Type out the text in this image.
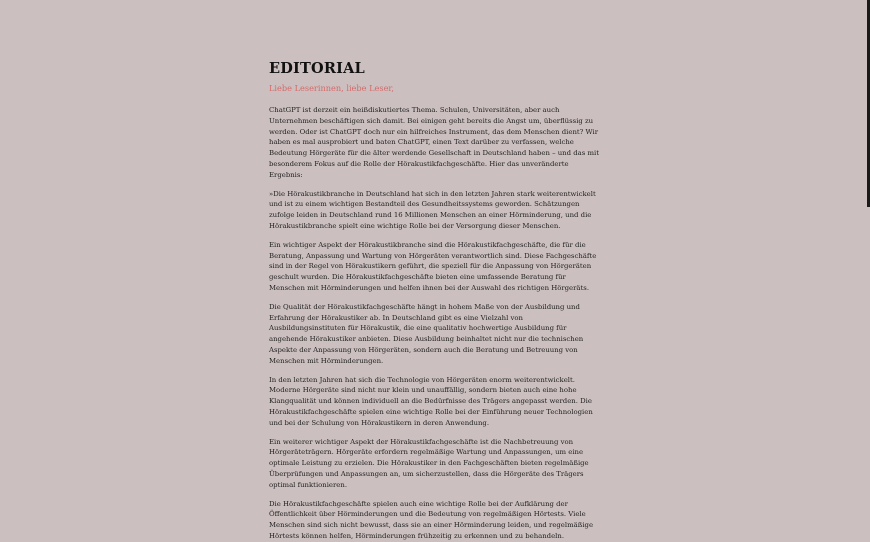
EDITORIAL

Liebe Leserinnen, liebe Leser,

ChatGPT ist derzeit ein heißdiskutiertes Thema. Schulen, Universitäten, aber auch Unternehmen beschäftigen sich damit. Bei einigen geht bereits die Angst um, überflüssig zu werden. Oder ist ChatGPT doch nur ein hilfreiches Instrument, das dem Menschen dient? Wir haben es mal ausprobiert und baten ChatGPT, einen Text darüber zu verfassen, welche Bedeutung Hörgeräte für die älter werdende Gesellschaft in Deutschland haben – und das mit besonderem Fokus auf die Rolle der Hörakustikfachgeschäfte. Hier das unveränderte Ergebnis:

»Die Hörakustikbranche in Deutschland hat sich in den letzten Jahren stark weiterentwickelt und ist zu einem wichtigen Bestandteil des Gesundheitssystems geworden. Schätzungen zufolge leiden in Deutschland rund 16 Millionen Menschen an einer Hörminderung, und die Hörakustikbranche spielt eine wichtige Rolle bei der Versorgung dieser Menschen.

Ein wichtiger Aspekt der Hörakustikbranche sind die Hörakustikfachgeschäfte, die für die Beratung, Anpassung und Wartung von Hörgeräten verantwortlich sind. Diese Fachgeschäfte sind in der Regel von Hörakustikern geführt, die speziell für die Anpassung von Hörgeräten geschult wurden. Die Hörakustikfachgeschäfte bieten eine umfassende Beratung für Menschen mit Hörminderungen und helfen ihnen bei der Auswahl des richtigen Hörgeräts.

Die Qualität der Hörakustikfachgeschäfte hängt in hohem Maße von der Ausbildung und Erfahrung der Hörakustiker ab. In Deutschland gibt es eine Vielzahl von Ausbildungsinstituten für Hörakustik, die eine qualitativ hochwertige Ausbildung für angehende Hörakustiker anbieten. Diese Ausbildung beinhaltet nicht nur die technischen Aspekte der Anpassung von Hörgeräten, sondern auch die Beratung und Betreuung von Menschen mit Hörminderungen.

In den letzten Jahren hat sich die Technologie von Hörgeräten enorm weiterentwickelt. Moderne Hörgeräte sind nicht nur klein und unauffällig, sondern bieten auch eine hohe Klangqualität und können individuell an die Bedürfnisse des Trägers angepasst werden. Die Hörakustikfachgeschäfte spielen eine wichtige Rolle bei der Einführung neuer Technologien und bei der Schulung von Hörakustikern in deren Anwendung.

Ein weiterer wichtiger Aspekt der Hörakustikfachgeschäfte ist die Nachbetreuung von Hörgeräteträgern. Hörgeräte erfordern regelmäßige Wartung und Anpassungen, um eine optimale Leistung zu erzielen. Die Hörakustiker in den Fachgeschäften bieten regelmäßige Überprüfungen und Anpassungen an, um sicherzustellen, dass die Hörgeräte des Trägers optimal funktionieren.

Die Hörakustikfachgeschäfte spielen auch eine wichtige Rolle bei der Aufklärung der Öffentlichkeit über Hörminderungen und die Bedeutung von regelmäßigen Hörtests. Viele Menschen sind sich nicht bewusst, dass sie an einer Hörminderung leiden, und regelmäßige Hörtests können helfen, Hörminderungen frühzeitig zu erkennen und zu behandeln.
